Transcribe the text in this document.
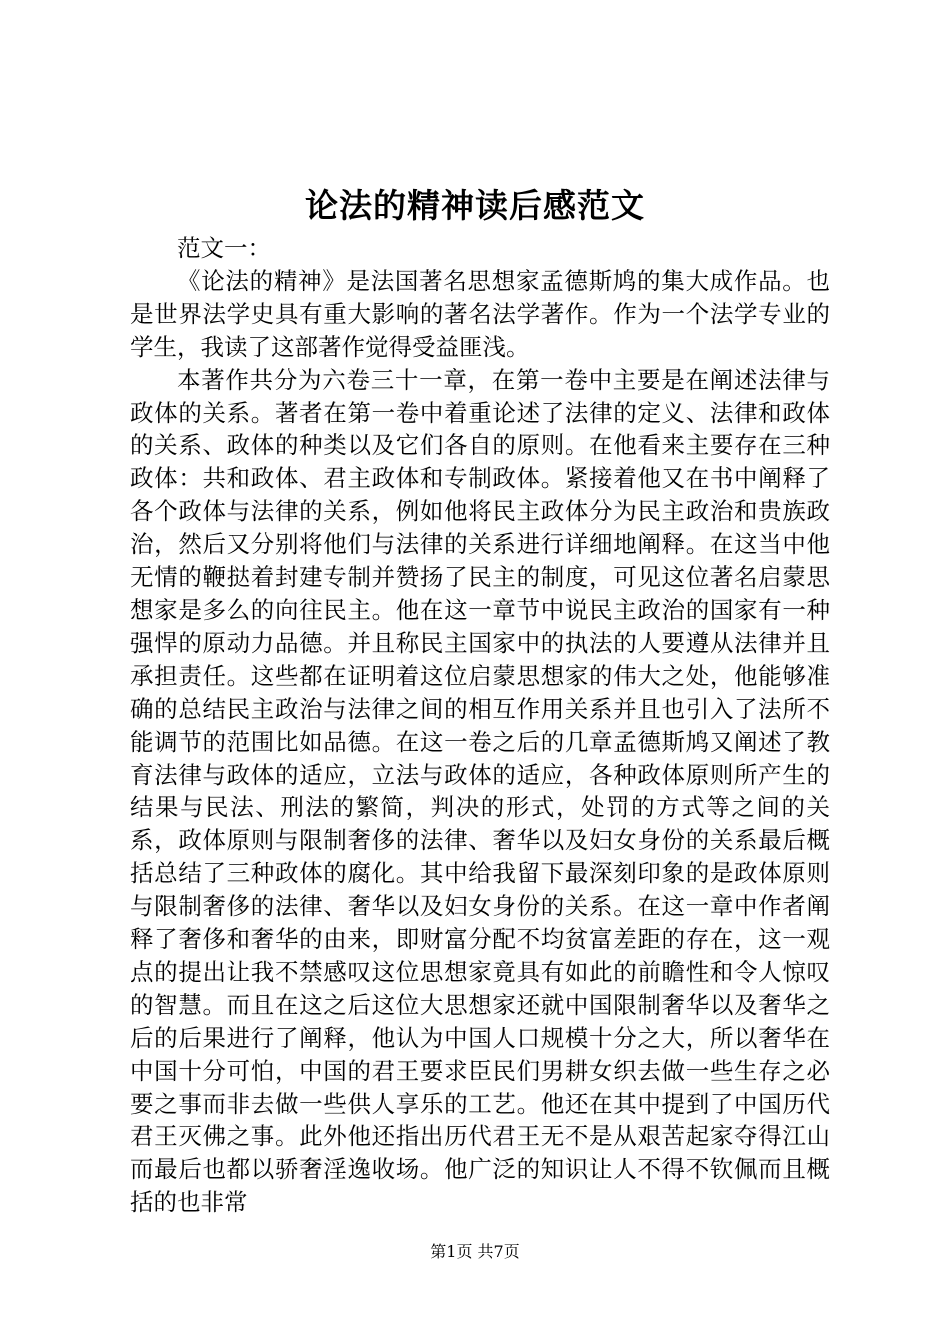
论法的精神读后感范文

范文一：

《论法的精神》是法国著名思想家孟德斯鸠的集大成作品。也是世界法学史具有重大影响的著名法学著作。作为一个法学专业的学生，我读了这部著作觉得受益匪浅。

本著作共分为六卷三十一章，在第一卷中主要是在阐述法律与政体的关系。著者在第一卷中着重论述了法律的定义、法律和政体的关系、政体的种类以及它们各自的原则。在他看来主要存在三种政体：共和政体、君主政体和专制政体。紧接着他又在书中阐释了各个政体与法律的关系，例如他将民主政体分为民主政治和贵族政治，然后又分别将他们与法律的关系进行详细地阐释。在这当中他无情的鞭挞着封建专制并赞扬了民主的制度，可见这位著名启蒙思想家是多么的向往民主。他在这一章节中说民主政治的国家有一种强悍的原动力品德。并且称民主国家中的执法的人要遵从法律并且承担责任。这些都在证明着这位启蒙思想家的伟大之处，他能够准确的总结民主政治与法律之间的相互作用关系并且也引入了法所不能调节的范围比如品德。在这一卷之后的几章孟德斯鸠又阐述了教育法律与政体的适应，立法与政体的适应，各种政体原则所产生的结果与民法、刑法的繁简，判决的形式，处罚的方式等之间的关系，政体原则与限制奢侈的法律、奢华以及妇女身份的关系最后概括总结了三种政体的腐化。其中给我留下最深刻印象的是政体原则与限制奢侈的法律、奢华以及妇女身份的关系。在这一章中作者阐释了奢侈和奢华的由来，即财富分配不均贫富差距的存在，这一观点的提出让我不禁感叹这位思想家竟具有如此的前瞻性和令人惊叹的智慧。而且在这之后这位大思想家还就中国限制奢华以及奢华之后的后果进行了阐释，他认为中国人口规模十分之大，所以奢华在中国十分可怕，中国的君王要求臣民们男耕女织去做一些生存之必要之事而非去做一些供人享乐的工艺。他还在其中提到了中国历代君王灭佛之事。此外他还指出历代君王无不是从艰苦起家夺得江山而最后也都以骄奢淫逸收场。他广泛的知识让人不得不钦佩而且概括的也非常

第1页 共7页
